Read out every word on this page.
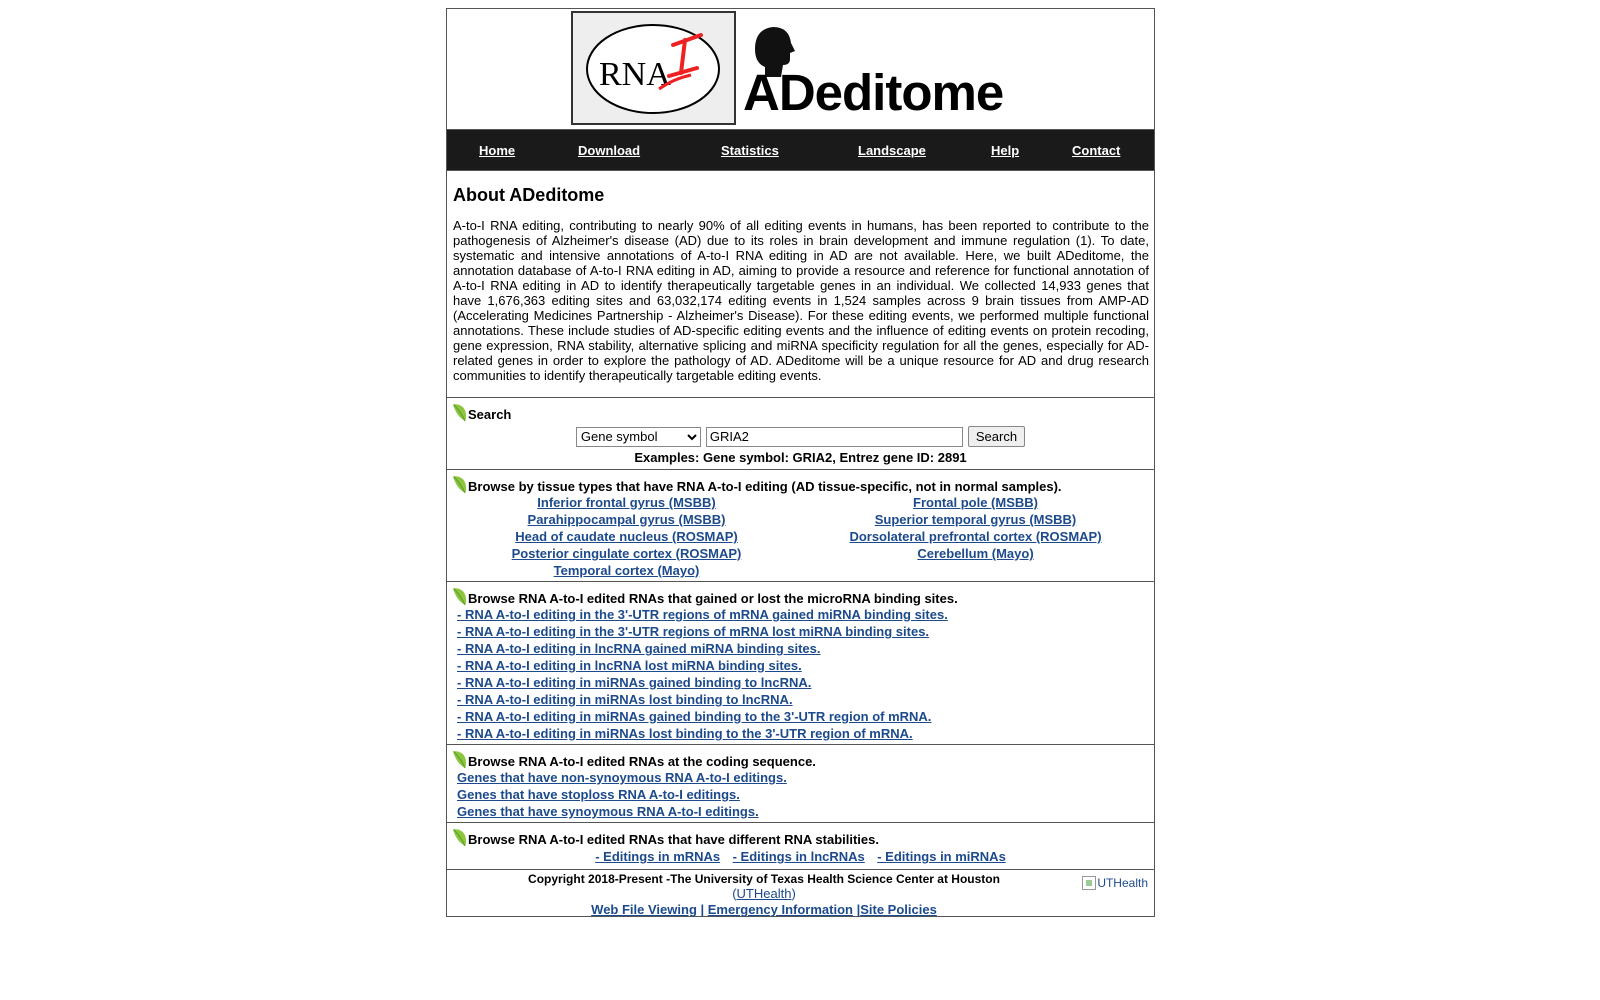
RNA ADeditome
Home	Download	Statistics	Landscape	Help	Contact
About ADeditome

A-to-I RNA editing, contributing to nearly 90% of all editing events in humans, has been reported to contribute to the pathogenesis of Alzheimer's disease (AD) due to its roles in brain development and immune regulation (1). To date, systematic and intensive annotations of A-to-I RNA editing in AD are not available. Here, we built ADeditome, the annotation database of A-to-I RNA editing in AD, aiming to provide a resource and reference for functional annotation of A-to-I RNA editing in AD to identify therapeutically targetable genes in an individual. We collected 14,933 genes that have 1,676,363 editing sites and 63,032,174 editing events in 1,524 samples across 9 brain tissues from AMP-AD (Accelerating Medicines Partnership - Alzheimer's Disease). For these editing events, we performed multiple functional annotations. These include studies of AD-specific editing events and the influence of editing events on protein recoding, gene expression, RNA stability, alternative splicing and miRNA specificity regulation for all the genes, especially for AD-related genes in order to explore the pathology of AD. ADeditome will be a unique resource for AD and drug research communities to identify therapeutically targetable editing events.

Search
Gene symbol
GRIA2
Search
Examples: Gene symbol: GRIA2, Entrez gene ID: 2891
Browse by tissue types that have RNA A-to-I editing (AD tissue-specific, not in normal samples).
Inferior frontal gyrus (MSBB)	Frontal pole (MSBB)
Parahippocampal gyrus (MSBB)	Superior temporal gyrus (MSBB)
Head of caudate nucleus (ROSMAP)	Dorsolateral prefrontal cortex (ROSMAP)
Posterior cingulate cortex (ROSMAP)	Cerebellum (Mayo)
Temporal cortex (Mayo)
Browse RNA A-to-I edited RNAs that gained or lost the microRNA binding sites.
- RNA A-to-I editing in the 3'-UTR regions of mRNA gained miRNA binding sites.
- RNA A-to-I editing in the 3'-UTR regions of mRNA lost miRNA binding sites.
- RNA A-to-I editing in lncRNA gained miRNA binding sites.
- RNA A-to-I editing in lncRNA lost miRNA binding sites.
- RNA A-to-I editing in miRNAs gained binding to lncRNA.
- RNA A-to-I editing in miRNAs lost binding to lncRNA.
- RNA A-to-I editing in miRNAs gained binding to the 3'-UTR region of mRNA.
- RNA A-to-I editing in miRNAs lost binding to the 3'-UTR region of mRNA.
Browse RNA A-to-I edited RNAs at the coding sequence.
Genes that have non-synoymous RNA A-to-I editings.
Genes that have stoploss RNA A-to-I editings.
Genes that have synoymous RNA A-to-I editings.
Browse RNA A-to-I edited RNAs that have different RNA stabilities.
- Editings in mRNAs - Editings in lncRNAs - Editings in miRNAs
Copyright 2018-Present -The University of Texas Health Science Center at Houston
(UTHealth)
Web File Viewing | Emergency Information |Site Policies
UTHealth
